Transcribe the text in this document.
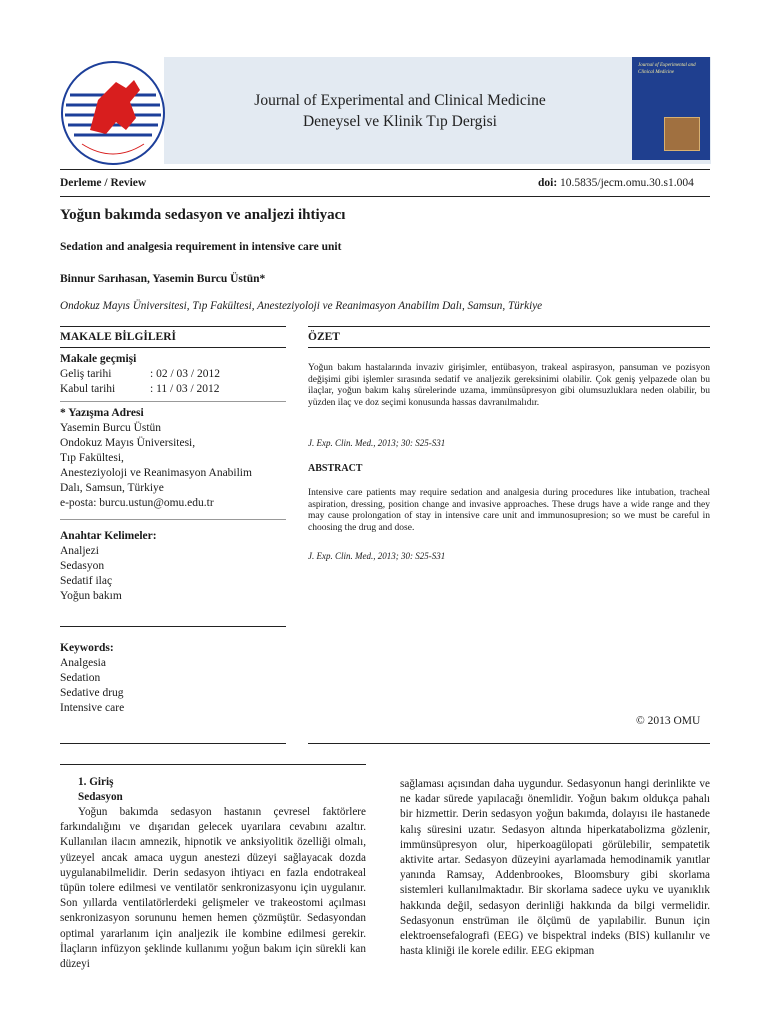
Journal of Experimental and Clinical Medicine
Deneysel ve Klinik Tıp Dergisi
Journal of Experimental and Clinical Medicine
Derleme / Review	doi: 10.5835/jecm.omu.30.s1.004
Yoğun bakımda sedasyon ve analjezi ihtiyacı
Sedation and analgesia requirement in intensive care unit
Binnur Sarıhasan, Yasemin Burcu Üstün*
Ondokuz Mayıs Üniversitesi, Tıp Fakültesi, Anesteziyoloji ve Reanimasyon Anabilim Dalı, Samsun, Türkiye
MAKALE BİLGİLERİ
Makale geçmişi
Geliş tarihi	: 02 / 03 / 2012
Kabul tarihi	: 11 / 03 / 2012
* Yazışma Adresi
Yasemin Burcu Üstün
Ondokuz Mayıs Üniversitesi,
Tıp Fakültesi,
Anesteziyoloji ve Reanimasyon Anabilim
Dalı, Samsun, Türkiye
e-posta: burcu.ustun@omu.edu.tr
Anahtar Kelimeler:
Analjezi
Sedasyon
Sedatif ilaç
Yoğun bakım
Keywords:
Analgesia
Sedation
Sedative drug
Intensive care
ÖZET
Yoğun bakım hastalarında invaziv girişimler, entübasyon, trakeal aspirasyon, pansuman ve pozisyon değişimi gibi işlemler sırasında sedatif ve analjezik gereksinimi olabilir. Çok geniş yelpazede olan bu ilaçlar, yoğun bakım kalış sürelerinde uzama, immünsüpresyon gibi olumsuzluklara neden olabilir, bu yüzden ilaç ve doz seçimi konusunda hassas davranılmalıdır.
J. Exp. Clin. Med., 2013; 30: S25-S31
ABSTRACT
Intensive care patients may require sedation and analgesia during procedures like intubation, tracheal aspiration, dressing, position change and invasive approaches. These drugs have a wide range and they may cause prolongation of stay in intensive care unit and immunosupresion; so we must be careful in choosing the drug and dose.
J. Exp. Clin. Med., 2013; 30: S25-S31
© 2013 OMU
1. Giriş
Sedasyon
Yoğun bakımda sedasyon hastanın çevresel faktörlere farkındalığını ve dışarıdan gelecek uyarılara cevabını azaltır. Kullanılan ilacın amnezik, hipnotik ve anksiyolitik özelliği olmalı, yüzeyel ancak amaca uygun anestezi düzeyi sağlayacak dozda uygulanabilmelidir. Derin sedasyon ihtiyacı en fazla endotrakeal tüpün tolere edilmesi ve ventilatör senkronizasyonu için uygulanır. Son yıllarda ventilatörlerdeki gelişmeler ve trakeostomi açılması senkronizasyon sorununu hemen hemen çözmüştür. Sedasyondan optimal yararlanım için analjezik ile kombine edilmesi gerekir. İlaçların infüzyon şeklinde kullanımı yoğun bakım için sürekli kan düzeyi
sağlaması açısından daha uygundur. Sedasyonun hangi derinlikte ve ne kadar sürede yapılacağı önemlidir. Yoğun bakım oldukça pahalı bir hizmettir. Derin sedasyon yoğun bakımda, dolayısı ile hastanede kalış süresini uzatır. Sedasyon altında hiperkatabolizma gözlenir, immünsüpresyon olur, hiperkoagülopati görülebilir, sempatetik aktivite artar. Sedasyon düzeyini ayarlamada hemodinamik yanıtlar yanında Ramsay, Addenbrookes, Bloomsbury gibi skorlama sistemleri kullanılmaktadır. Bir skorlama sadece uyku ve uyanıklık hakkında değil, sedasyon derinliği hakkında da bilgi vermelidir. Sedasyonun enstrüman ile ölçümü de yapılabilir. Bunun için elektroensefalografi (EEG) ve bispektral indeks (BIS) kullanılır ve hasta kliniği ile korele edilir. EEG ekipman
